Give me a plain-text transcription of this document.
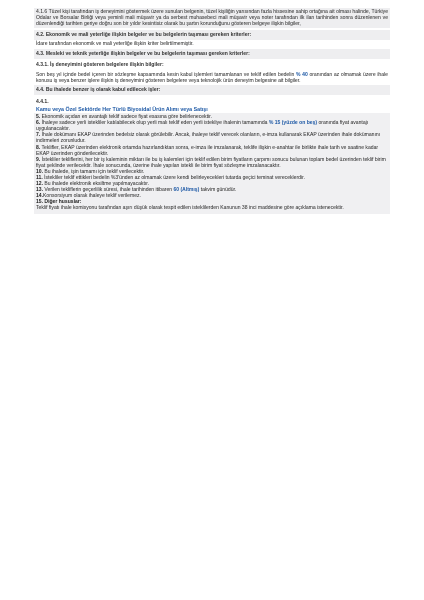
4.1.6 Tüzel kişi tarafından iş deneyimini göstermek üzere sunulan belgenin, tüzel kişiliğin yarısından fazla hissesine sahip ortağına ait olması halinde, Türkiye Odalar ve Borsalar Birliği veya yeminli mali müşavir ya da serbest muhasebeci mali müşavir veya noter tarafından ilk ilan tarihinden sonra düzenlenen ve düzenlendiği tarihten geriye doğru son bir yıldır kesintisiz olarak bu şartın korunduğunu gösteren belgeye ilişkin bilgiler,

4.2. Ekonomik ve mali yeterliğe ilişkin belgeler ve bu belgelerin taşıması gereken kriterler:

İdare tarafından ekonomik ve mali yeterliğe ilişkin kriter belirtilmemiştir.

4.3. Mesleki ve teknik yeterliğe ilişkin belgeler ve bu belgelerin taşıması gereken kriterler:
4.3.1. İş deneyimini gösteren belgelere ilişkin bilgiler:

Son beş yıl içinde bedel içeren bir sözleşme kapsamında kesin kabul işlemleri tamamlanan ve teklif edilen bedelin % 40 oranından az olmamak üzere ihale konusu iş veya benzer işlere ilişkin iş deneyimini gösteren belgelere veya teknolojik ürün deneyim belgesine ait bilgiler.

4.4. Bu ihalede benzer iş olarak kabul edilecek işler:
4.4.1.
Kamu veya Özel Sektörde Her Türlü Biyosidal Ürün Alımı veya Satışı
5. Ekonomik açıdan en avantajlı teklif sadece fiyat esasına göre belirlenecektir.
6. İhaleye sadece yerli istekliler katılabilecek olup yerli malı teklif eden yerli istekliye ihalenin tamamında % 15 (yüzde on beş) oranında fiyat avantajı uygulanacaktır.
7. İhale dokümanı EKAP üzerinden bedelsiz olarak görülebilir. Ancak, ihaleye teklif verecek olanların, e-imza kullanarak EKAP üzerinden ihale dokümanını indirmeleri zorunludur.
8. Teklifler, EKAP üzerinden elektronik ortamda hazırlandıktan sonra, e-imza ile imzalanarak, teklife ilişkin e-anahtar ile birlikte ihale tarih ve saatine kadar EKAP üzerinden gönderilecektir.
9. İstekliler tekliflerini, her bir iş kaleminin miktarı ile bu iş kalemleri için teklif edilen birim fiyatların çarpımı sonucu bulunan toplam bedel üzerinden teklif birim fiyat şeklinde verilecektir. İhale sonucunda, üzerine ihale yapılan istekli ile birim fiyat sözleşme imzalanacaktır.
10. Bu ihalede, işin tamamı için teklif verilecektir.
11. İstekliler teklif ettikleri bedelin %3'ünden az olmamak üzere kendi belirleyecekleri tutarda geçici teminat vereceklerdir.
12. Bu ihalede elektronik eksiltme yapılmayacaktır.
13. Verilen tekliflerin geçerlilik süresi, ihale tarihinden itibaren 60 (Altmış) takvim günüdür.
14.Konsorsiyum olarak ihaleye teklif verilemez.
15. Diğer hususlar:
Teklif fiyatı ihale komisyonu tarafından aşırı düşük olarak tespit edilen isteklilerden Kanunun 38 inci maddesine göre açıklama istenecektir.
